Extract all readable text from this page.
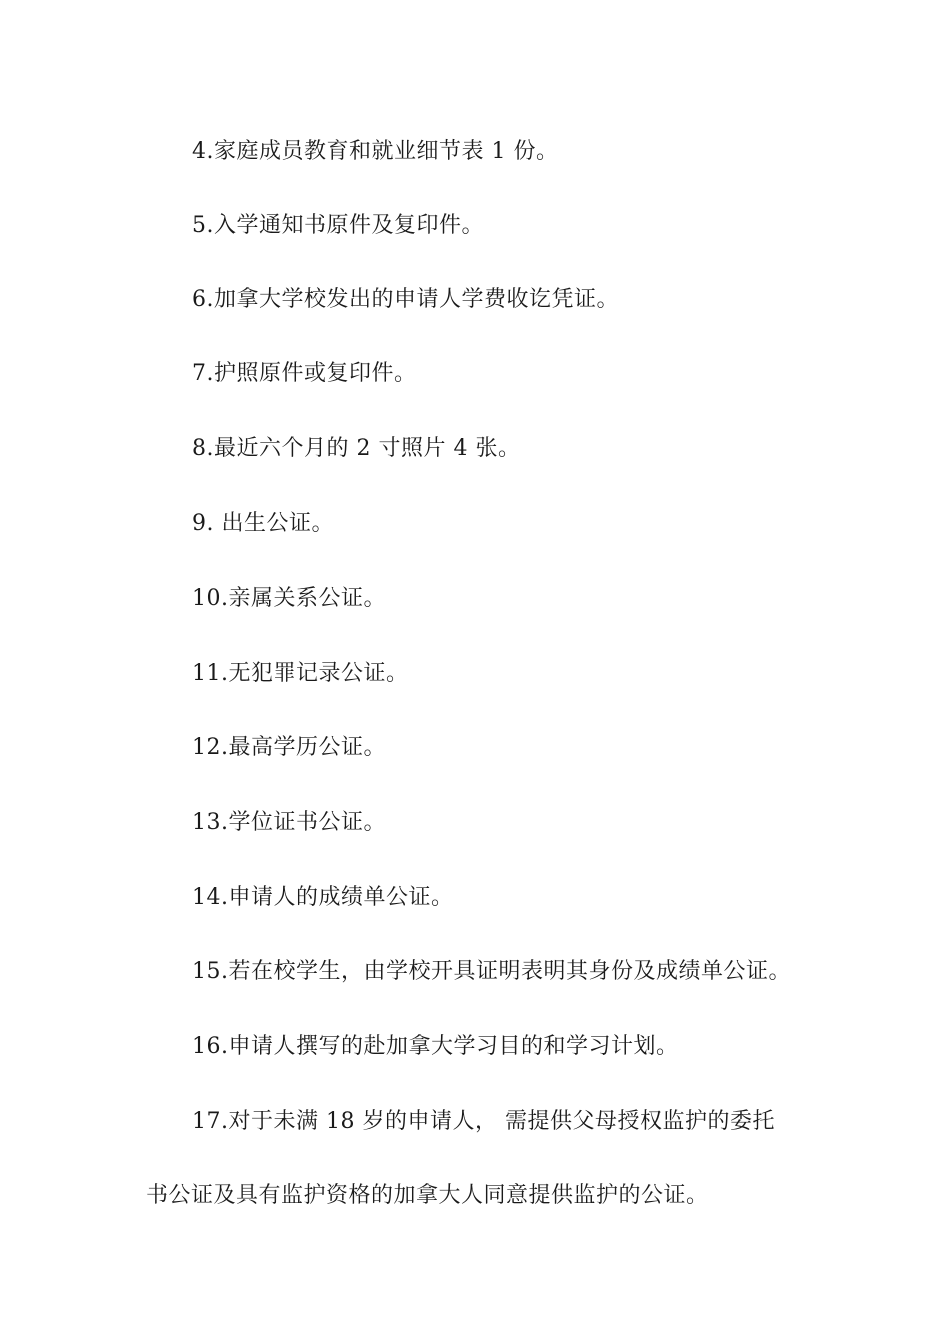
4.家庭成员教育和就业细节表 1 份。
5.入学通知书原件及复印件。
6.加拿大学校发出的申请人学费收讫凭证。
7.护照原件或复印件。
8.最近六个月的 2 寸照片 4 张。
9. 出生公证。
10.亲属关系公证。
11.无犯罪记录公证。
12.最高学历公证。
13.学位证书公证。
14.申请人的成绩单公证。
15.若在校学生，由学校开具证明表明其身份及成绩单公证。
16.申请人撰写的赴加拿大学习目的和学习计划。
17.对于未满 18 岁的申请人， 需提供父母授权监护的委托
书公证及具有监护资格的加拿大人同意提供监护的公证。
